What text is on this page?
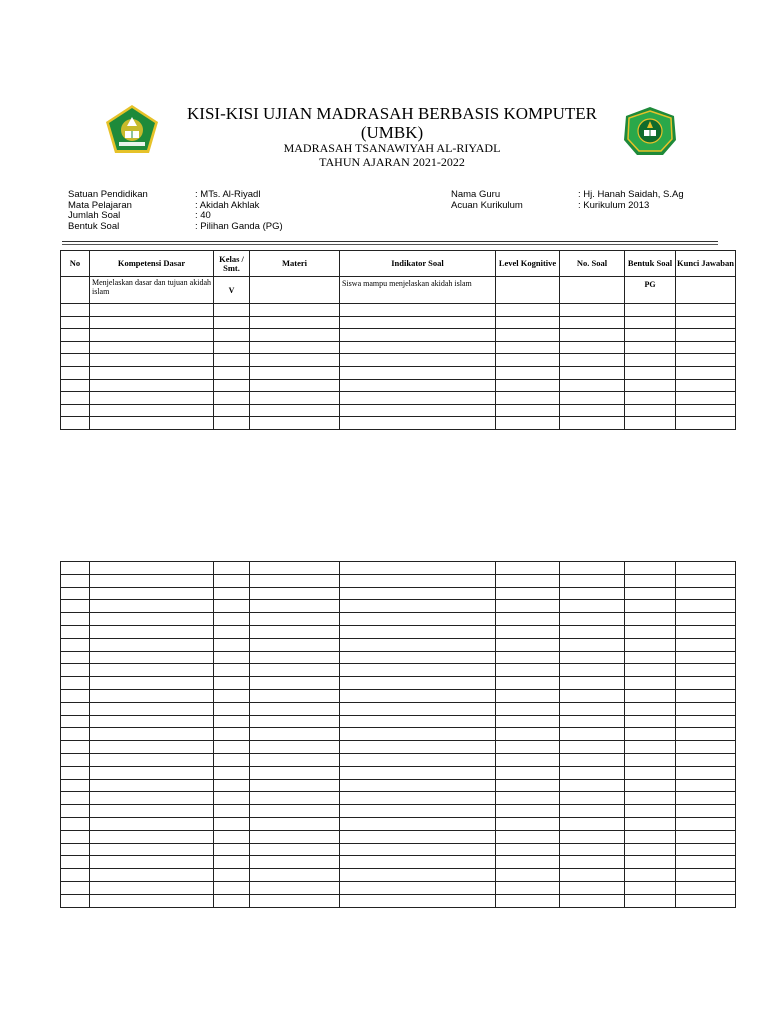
KISI-KISI UJIAN MADRASAH BERBASIS KOMPUTER (UMBK)
MADRASAH TSANAWIYAH AL-RIYADL
TAHUN AJARAN 2021-2022
Satuan Pendidikan	: MTs. Al-Riyadl
Mata Pelajaran	: Akidah Akhlak
Jumlah Soal	: 40
Bentuk Soal	: Pilihan Ganda (PG)
Nama Guru	: Hj. Hanah Saidah, S.Ag
Acuan Kurikulum	: Kurikulum 2013
No	Kompetensi Dasar	Kelas / Smt.	Materi	Indikator Soal	Level Kognitive	No. Soal	Bentuk Soal	Kunci Jawaban
	Menjelaskan dasar dan tujuan akidah islam	V		Siswa mampu menjelaskan akidah islam			PG	
